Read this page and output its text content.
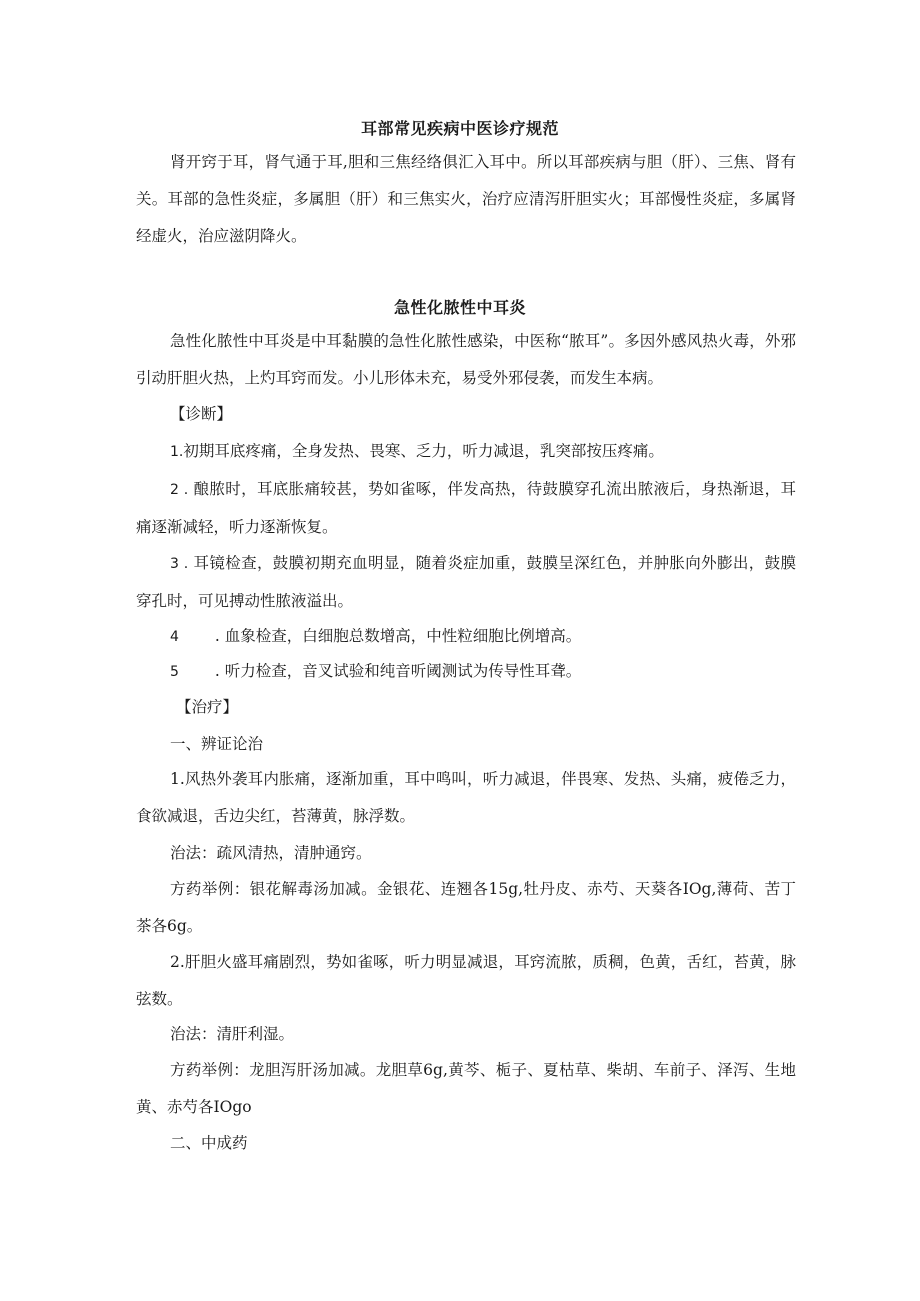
耳部常见疾病中医诊疗规范

肾开窍于耳，肾气通于耳,胆和三焦经络俱汇入耳中。所以耳部疾病与胆（肝）、三焦、肾有关。耳部的急性炎症，多属胆（肝）和三焦实火，治疗应清泻肝胆实火；耳部慢性炎症，多属肾经虚火，治应滋阴降火。

急性化脓性中耳炎

急性化脓性中耳炎是中耳黏膜的急性化脓性感染，中医称“脓耳”。多因外感风热火毒，外邪引动肝胆火热，上灼耳窍而发。小儿形体未充，易受外邪侵袭，而发生本病。

【诊断】

1.初期耳底疼痛，全身发热、畏寒、乏力，听力减退，乳突部按压疼痛。

2 . 酿脓时，耳底胀痛较甚，势如雀啄，伴发高热，待鼓膜穿孔流出脓液后，身热渐退，耳痛逐渐减轻，听力逐渐恢复。

3 . 耳镜检查，鼓膜初期充血明显，随着炎症加重，鼓膜呈深红色，并肿胀向外膨出，鼓膜穿孔时，可见搏动性脓液溢出。

4 . 血象检查，白细胞总数增高，中性粒细胞比例增高。

5 . 听力检查，音叉试验和纯音听阈测试为传导性耳聋。

【治疗】

一、辨证论治

1.风热外袭耳内胀痛，逐渐加重，耳中鸣叫，听力减退，伴畏寒、发热、头痛，疲倦乏力，食欲减退，舌边尖红，苔薄黄，脉浮数。

治法：疏风清热，清肿通窍。

方药举例：银花解毒汤加减。金银花、连翘各15g,牡丹皮、赤芍、天葵各IOg,薄荷、苦丁茶各6g。

2.肝胆火盛耳痛剧烈，势如雀啄，听力明显减退，耳窍流脓，质稠，色黄，舌红，苔黄，脉弦数。

治法：清肝利湿。

方药举例：龙胆泻肝汤加减。龙胆草6g,黄芩、栀子、夏枯草、柴胡、车前子、泽泻、生地黄、赤芍各IOgo

二、中成药
